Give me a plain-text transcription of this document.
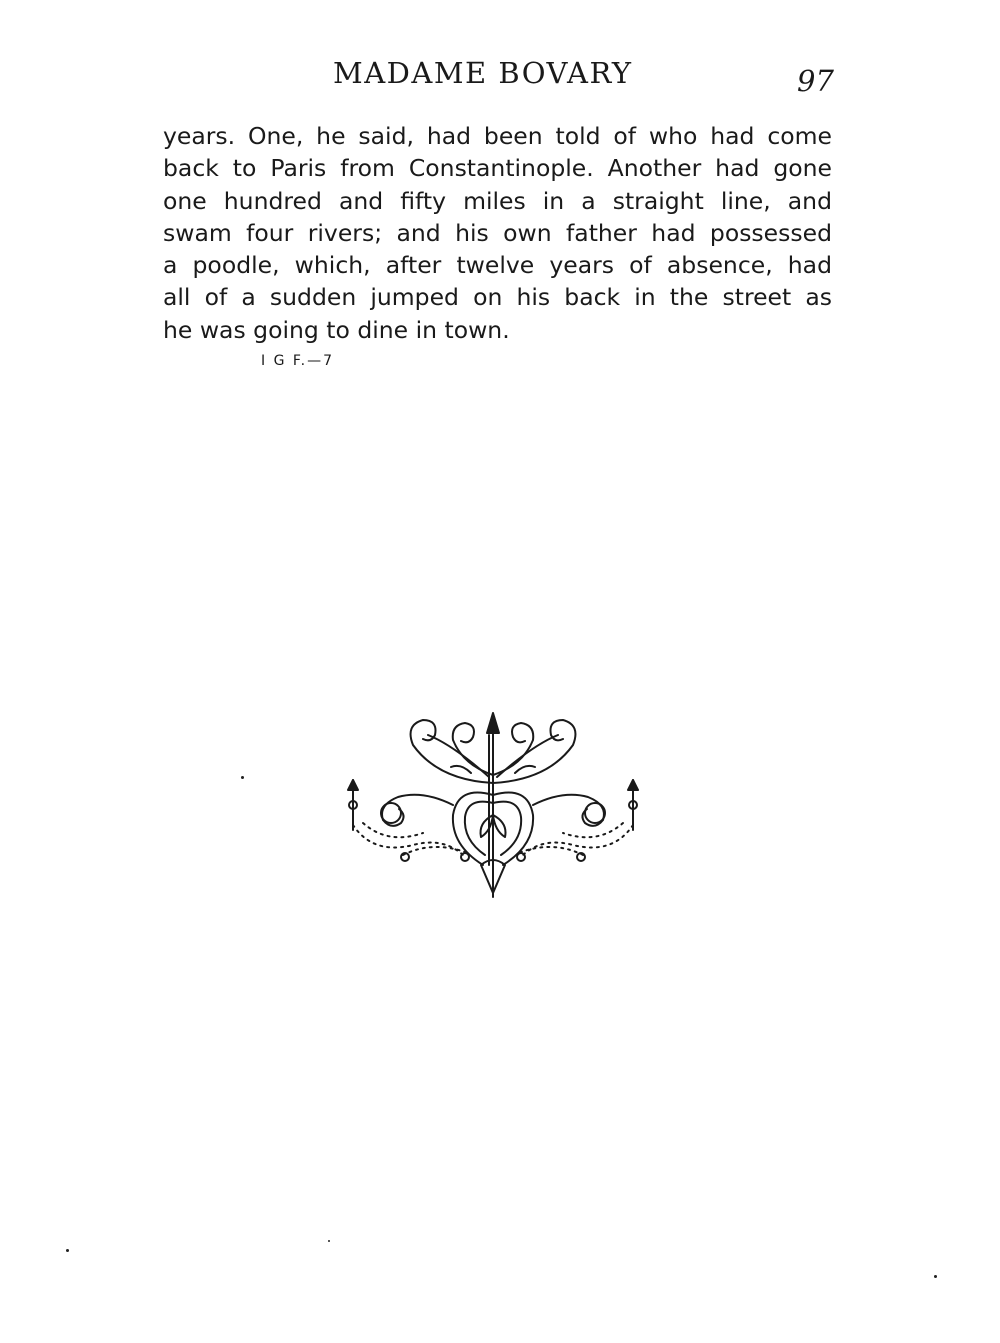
MADAME BOVARY	97
years. One, he said, had been told of who had come
back to Paris from Constantinople. Another had gone
one hundred and fifty miles in a straight line, and
swam four rivers; and his own father had possessed
a poodle, which, after twelve years of absence, had
all of a sudden jumped on his back in the street as
he was going to dine in town.
I G F.—7
